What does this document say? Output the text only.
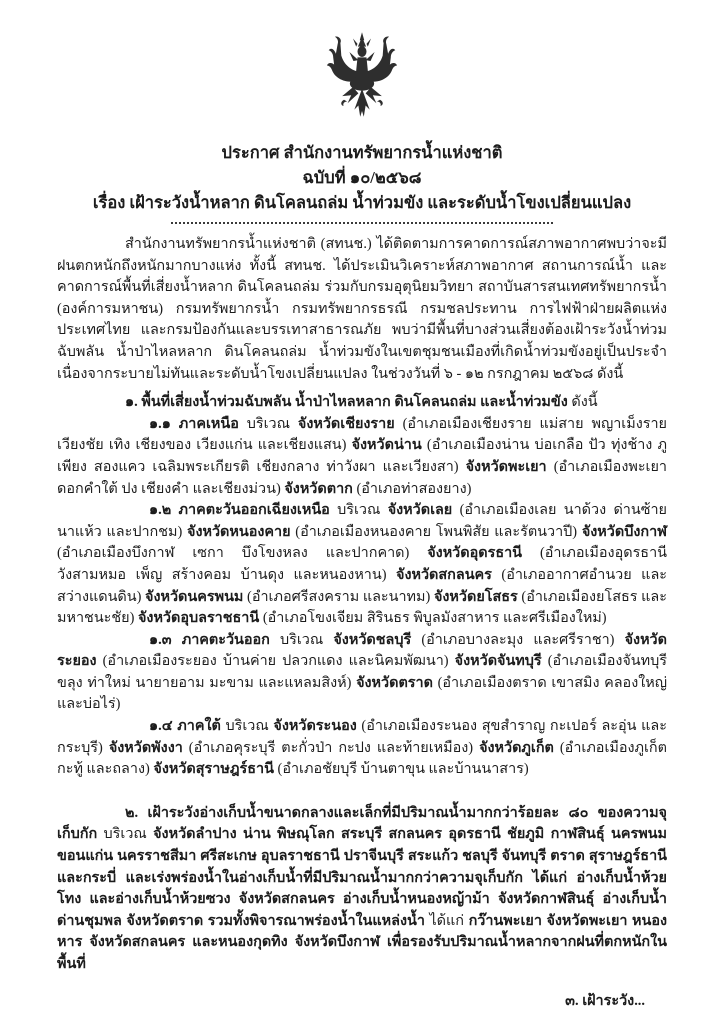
ประกาศ สำนักงานทรัพยากรน้ำแห่งชาติ
ฉบับที่ ๑๐/๒๕๖๘
เรื่อง เฝ้าระวังน้ำหลาก ดินโคลนถล่ม น้ำท่วมขัง และระดับน้ำโขงเปลี่ยนแปลง

สำนักงานทรัพยากรน้ำแห่งชาติ (สทนช.) ได้ติดตามการคาดการณ์สภาพอากาศพบว่าจะมีฝนตกหนักถึงหนักมากบางแห่ง ทั้งนี้ สทนช. ได้ประเมินวิเคราะห์สภาพอากาศ สถานการณ์น้ำ และคาดการณ์พื้นที่เสี่ยงน้ำหลาก ดินโคลนถล่ม ร่วมกับกรมอุตุนิยมวิทยา สถาบันสารสนเทศทรัพยากรน้ำ (องค์การมหาชน) กรมทรัพยากรน้ำ กรมทรัพยากรธรณี กรมชลประทาน การไฟฟ้าฝ่ายผลิตแห่งประเทศไทย และกรมป้องกันและบรรเทาสาธารณภัย พบว่ามีพื้นที่บางส่วนเสี่ยงต้องเฝ้าระวังน้ำท่วมฉับพลัน น้ำป่าไหลหลาก ดินโคลนถล่ม น้ำท่วมขังในเขตชุมชนเมืองที่เกิดน้ำท่วมขังอยู่เป็นประจำ เนื่องจากระบายไม่ทันและระดับน้ำโขงเปลี่ยนแปลง ในช่วงวันที่ ๖ - ๑๒ กรกฎาคม ๒๕๖๘ ดังนี้

๑. พื้นที่เสี่ยงน้ำท่วมฉับพลัน น้ำป่าไหลหลาก ดินโคลนถล่ม และน้ำท่วมขัง ดังนี้

๑.๑ ภาคเหนือ บริเวณ จังหวัดเชียงราย (อำเภอเมืองเชียงราย แม่สาย พญาเม็งราย เวียงชัย เทิง เชียงของ เวียงแก่น และเชียงแสน) จังหวัดน่าน (อำเภอเมืองน่าน บ่อเกลือ ปัว ทุ่งช้าง ภูเพียง สองแคว เฉลิมพระเกียรติ เชียงกลาง ท่าวังผา และเวียงสา) จังหวัดพะเยา (อำเภอเมืองพะเยา ดอกคำใต้ ปง เชียงคำ และเชียงม่วน) จังหวัดตาก (อำเภอท่าสองยาง)

๑.๒ ภาคตะวันออกเฉียงเหนือ บริเวณ จังหวัดเลย (อำเภอเมืองเลย นาด้วง ด่านซ้าย นาแห้ว และปากชม) จังหวัดหนองคาย (อำเภอเมืองหนองคาย โพนพิสัย และรัตนวาปี) จังหวัดบึงกาฬ (อำเภอเมืองบึงกาฬ เซกา บึงโขงหลง และปากคาด) จังหวัดอุดรธานี (อำเภอเมืองอุดรธานี วังสามหมอ เพ็ญ สร้างคอม บ้านดุง และหนองหาน) จังหวัดสกลนคร (อำเภออากาศอำนวย และสว่างแดนดิน) จังหวัดนครพนม (อำเภอศรีสงคราม และนาทม) จังหวัดยโสธร (อำเภอเมืองยโสธร และมหาชนะชัย) จังหวัดอุบลราชธานี (อำเภอโขงเจียม สิรินธร พิบูลมังสาหาร และศรีเมืองใหม่)

๑.๓ ภาคตะวันออก บริเวณ จังหวัดชลบุรี (อำเภอบางละมุง และศรีราชา) จังหวัดระยอง (อำเภอเมืองระยอง บ้านค่าย ปลวกแดง และนิคมพัฒนา) จังหวัดจันทบุรี (อำเภอเมืองจันทบุรี ขลุง ท่าใหม่ นายายอาม มะขาม และแหลมสิงห์) จังหวัดตราด (อำเภอเมืองตราด เขาสมิง คลองใหญ่ และบ่อไร่)

๑.๔ ภาคใต้ บริเวณ จังหวัดระนอง (อำเภอเมืองระนอง สุขสำราญ กะเปอร์ ละอุ่น และกระบุรี) จังหวัดพังงา (อำเภอคุระบุรี ตะกั่วป่า กะปง และท้ายเหมือง) จังหวัดภูเก็ต (อำเภอเมืองภูเก็ต กะทู้ และถลาง) จังหวัดสุราษฎร์ธานี (อำเภอชัยบุรี บ้านตาขุน และบ้านนาสาร)

๒. เฝ้าระวังอ่างเก็บน้ำขนาดกลางและเล็กที่มีปริมาณน้ำมากกว่าร้อยละ ๘๐ ของความจุเก็บกัก บริเวณ จังหวัดลำปาง น่าน พิษณุโลก สระบุรี สกลนคร อุดรธานี ชัยภูมิ กาฬสินธุ์ นครพนม ขอนแก่น นครราชสีมา ศรีสะเกษ อุบลราชธานี ปราจีนบุรี สระแก้ว ชลบุรี จันทบุรี ตราด สุราษฎร์ธานี และกระบี่ และเร่งพร่องน้ำในอ่างเก็บน้ำที่มีปริมาณน้ำมากกว่าความจุเก็บกัก ได้แก่ อ่างเก็บน้ำห้วยโทง และอ่างเก็บน้ำห้วยซวง จังหวัดสกลนคร อ่างเก็บน้ำหนองหญ้าม้า จังหวัดกาฬสินธุ์ อ่างเก็บน้ำด่านชุมพล จังหวัดตราด รวมทั้งพิจารณาพร่องน้ำในแหล่งน้ำ ได้แก่ กว๊านพะเยา จังหวัดพะเยา หนองหาร จังหวัดสกลนคร และหนองกุดทิง จังหวัดบึงกาฬ เพื่อรองรับปริมาณน้ำหลากจากฝนที่ตกหนักในพื้นที่

๓. เฝ้าระวัง...
